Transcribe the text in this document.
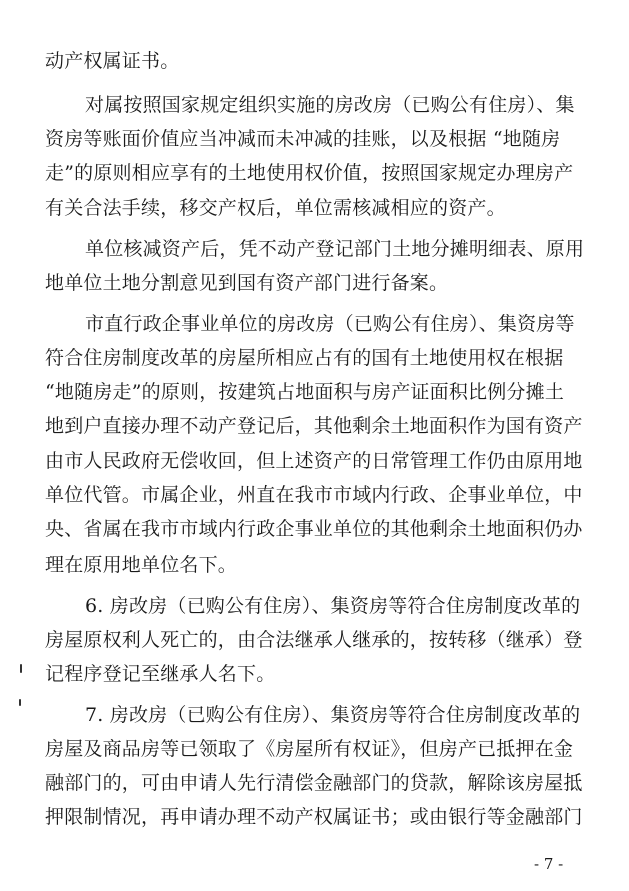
动产权属证书。
对属按照国家规定组织实施的房改房（已购公有住房）、集
资房等账面价值应当冲减而未冲减的挂账，以及根据 “地随房
走”的原则相应享有的土地使用权价值，按照国家规定办理房产
有关合法手续，移交产权后，单位需核减相应的资产。
单位核减资产后，凭不动产登记部门土地分摊明细表、原用
地单位土地分割意见到国有资产部门进行备案。
市直行政企事业单位的房改房（已购公有住房）、集资房等
符合住房制度改革的房屋所相应占有的国有土地使用权在根据
“地随房走”的原则，按建筑占地面积与房产证面积比例分摊土
地到户直接办理不动产登记后，其他剩余土地面积作为国有资产
由市人民政府无偿收回，但上述资产的日常管理工作仍由原用地
单位代管。市属企业，州直在我市市域内行政、企事业单位，中
央、省属在我市市域内行政企事业单位的其他剩余土地面积仍办
理在原用地单位名下。
6. 房改房（已购公有住房）、集资房等符合住房制度改革的
房屋原权利人死亡的，由合法继承人继承的，按转移（继承）登
记程序登记至继承人名下。
7. 房改房（已购公有住房）、集资房等符合住房制度改革的
房屋及商品房等已领取了《房屋所有权证》，但房产已抵押在金
融部门的，可由申请人先行清偿金融部门的贷款，解除该房屋抵
押限制情况，再申请办理不动产权属证书；或由银行等金融部门
- 7 -
